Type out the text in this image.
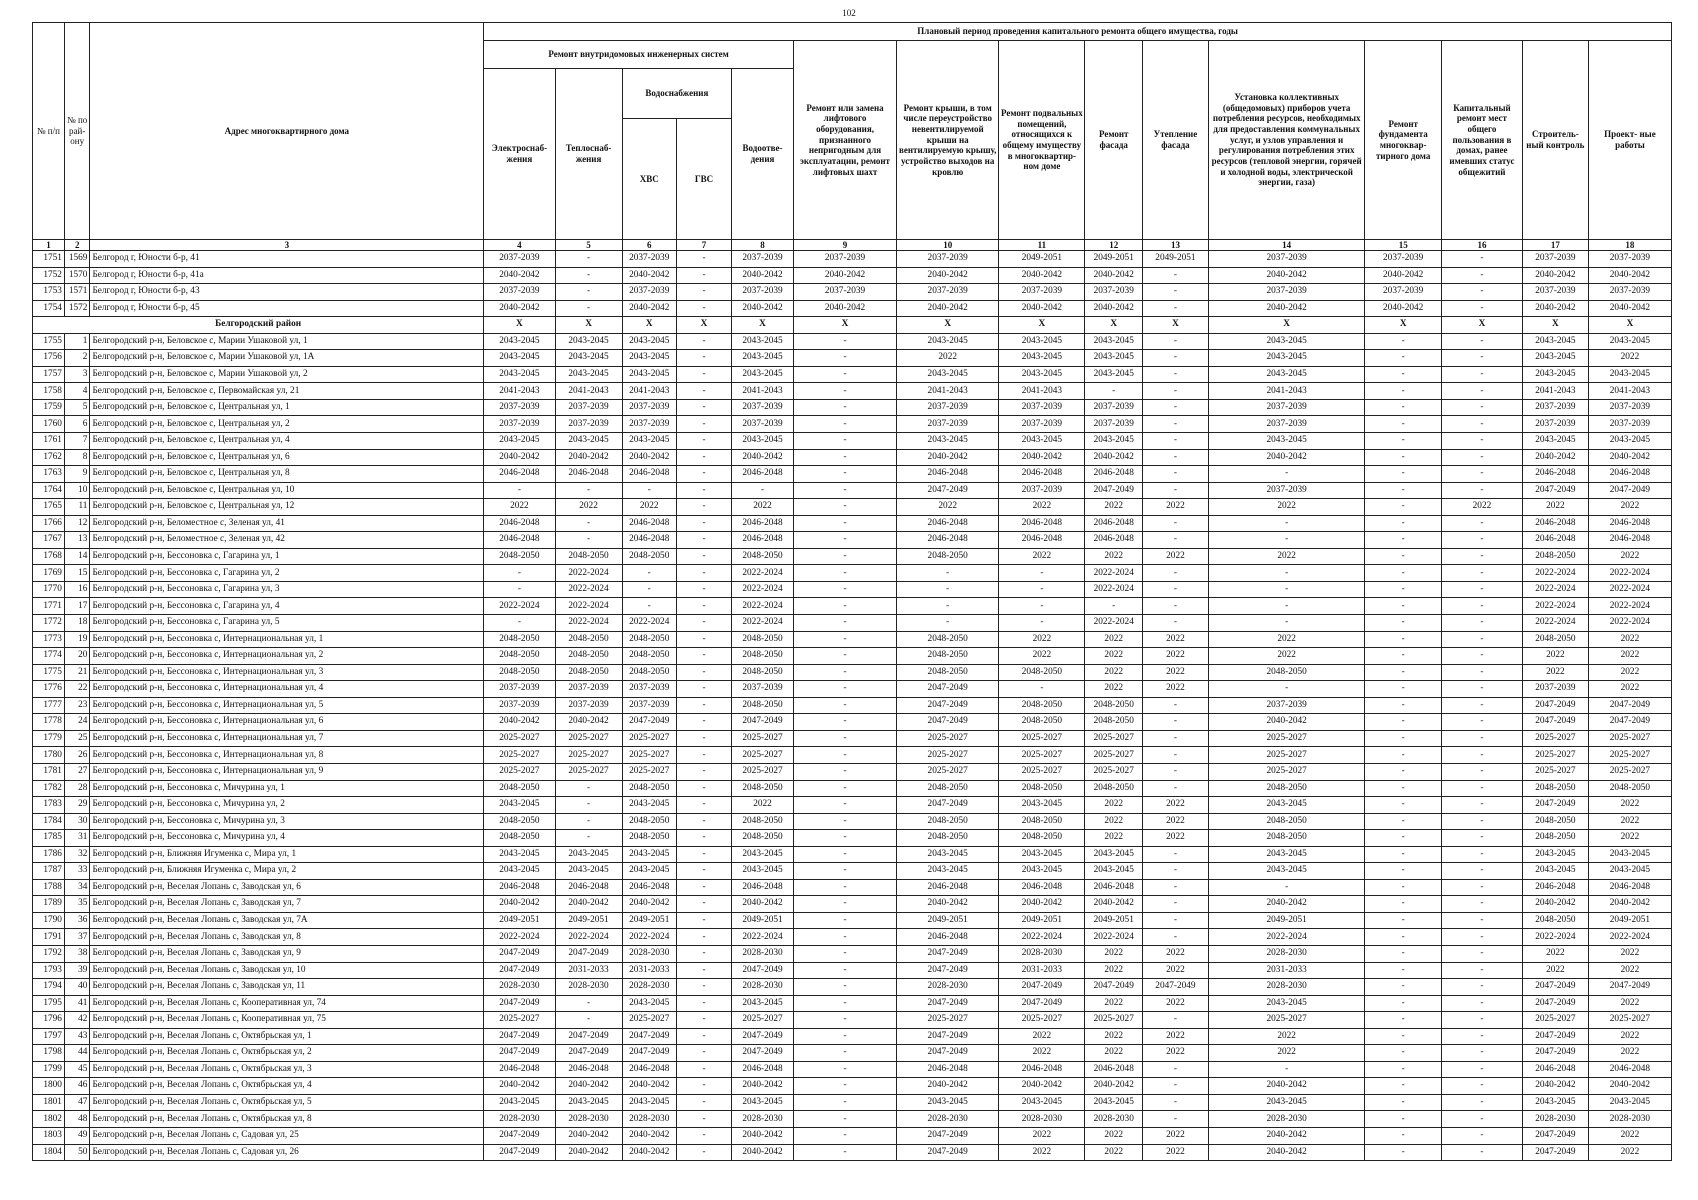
102
№ п/п	№ по рай- ону	Адрес многоквартирного дома	Плановый период проведения капитального ремонта общего имущества, годы														
			Ремонт внутридомовых инженерных систем					Ремонт или замена лифтового оборудования, признанного непригодным для эксплуатации, ремонт лифтовых шахт	Ремонт крыши, в том числе переустройство невентилируемой крыши на вентилируемую крышу, устройство выходов на кровлю	Ремонт подвальных помещений, относящихся к общему имуществу в многоквартир- ном доме	Ремонт фасада	Утепление фасада	Установка коллективных (общедомовых) приборов учета потребления ресурсов, необходимых для предоставления коммунальных услуг, и узлов управления и регулирования потребления этих ресурсов (тепловой энергии, горячей и холодной воды, электрической энергии, газа)	Ремонт фундамента многоквар- тирного дома	Капитальный ремонт мест общего пользования в домах, ранее имевших статус общежитий	Строитель- ный контроль	Проект- ные работы
			Электроснаб- жения	Теплоснаб- жения	Водоснабжения		Водоотве- дения										
					ХВС	ГВС											
1	2	3	4	5	6	7	8	9	10	11	12	13	14	15	16	17	18
1751	1569	Белгород г, Юности б-р, 41	2037-2039	-	2037-2039	-	2037-2039	2037-2039	2037-2039	2049-2051	2049-2051	2049-2051	2037-2039	2037-2039	-	2037-2039	2037-2039
1752	1570	Белгород г, Юности б-р, 41а	2040-2042	-	2040-2042	-	2040-2042	2040-2042	2040-2042	2040-2042	2040-2042	-	2040-2042	2040-2042	-	2040-2042	2040-2042
1753	1571	Белгород г, Юности б-р, 43	2037-2039	-	2037-2039	-	2037-2039	2037-2039	2037-2039	2037-2039	2037-2039	-	2037-2039	2037-2039	-	2037-2039	2037-2039
1754	1572	Белгород г, Юности б-р, 45	2040-2042	-	2040-2042	-	2040-2042	2040-2042	2040-2042	2040-2042	2040-2042	-	2040-2042	2040-2042	-	2040-2042	2040-2042
Белгородский район			Х	Х	Х	Х	Х	Х	Х	Х	Х	Х	Х	Х	Х	Х	Х
1755	1	Белгородский р-н, Беловское с, Марии Ушаковой ул, 1	2043-2045	2043-2045	2043-2045	-	2043-2045	-	2043-2045	2043-2045	2043-2045	-	2043-2045	-	-	2043-2045	2043-2045
1756	2	Белгородский р-н, Беловское с, Марии Ушаковой ул, 1А	2043-2045	2043-2045	2043-2045	-	2043-2045	-	2022	2043-2045	2043-2045	-	2043-2045	-	-	2043-2045	2022
1757	3	Белгородский р-н, Беловское с, Марии Ушаковой ул, 2	2043-2045	2043-2045	2043-2045	-	2043-2045	-	2043-2045	2043-2045	2043-2045	-	2043-2045	-	-	2043-2045	2043-2045
1758	4	Белгородский р-н, Беловское с, Первомайская ул, 21	2041-2043	2041-2043	2041-2043	-	2041-2043	-	2041-2043	2041-2043	-	-	2041-2043	-	-	2041-2043	2041-2043
1759	5	Белгородский р-н, Беловское с, Центральная ул, 1	2037-2039	2037-2039	2037-2039	-	2037-2039	-	2037-2039	2037-2039	2037-2039	-	2037-2039	-	-	2037-2039	2037-2039
1760	6	Белгородский р-н, Беловское с, Центральная ул, 2	2037-2039	2037-2039	2037-2039	-	2037-2039	-	2037-2039	2037-2039	2037-2039	-	2037-2039	-	-	2037-2039	2037-2039
1761	7	Белгородский р-н, Беловское с, Центральная ул, 4	2043-2045	2043-2045	2043-2045	-	2043-2045	-	2043-2045	2043-2045	2043-2045	-	2043-2045	-	-	2043-2045	2043-2045
1762	8	Белгородский р-н, Беловское с, Центральная ул, 6	2040-2042	2040-2042	2040-2042	-	2040-2042	-	2040-2042	2040-2042	2040-2042	-	2040-2042	-	-	2040-2042	2040-2042
1763	9	Белгородский р-н, Беловское с, Центральная ул, 8	2046-2048	2046-2048	2046-2048	-	2046-2048	-	2046-2048	2046-2048	2046-2048	-	-	-	-	2046-2048	2046-2048
1764	10	Белгородский р-н, Беловское с, Центральная ул, 10	-	-	-	-	-	-	2047-2049	2037-2039	2047-2049	-	2037-2039	-	-	2047-2049	2047-2049
1765	11	Белгородский р-н, Беловское с, Центральная ул, 12	2022	2022	2022	-	2022	-	2022	2022	2022	2022	2022	-	2022	2022	2022
1766	12	Белгородский р-н, Беломестное с, Зеленая ул, 41	2046-2048	-	2046-2048	-	2046-2048	-	2046-2048	2046-2048	2046-2048	-	-	-	-	2046-2048	2046-2048
1767	13	Белгородский р-н, Беломестное с, Зеленая ул, 42	2046-2048	-	2046-2048	-	2046-2048	-	2046-2048	2046-2048	2046-2048	-	-	-	-	2046-2048	2046-2048
1768	14	Белгородский р-н, Бессоновка с, Гагарина ул, 1	2048-2050	2048-2050	2048-2050	-	2048-2050	-	2048-2050	2022	2022	2022	2022	-	-	2048-2050	2022
1769	15	Белгородский р-н, Бессоновка с, Гагарина ул, 2	-	2022-2024	-	-	2022-2024	-	-	-	2022-2024	-	-	-	-	2022-2024	2022-2024
1770	16	Белгородский р-н, Бессоновка с, Гагарина ул, 3	-	2022-2024	-	-	2022-2024	-	-	-	2022-2024	-	-	-	-	2022-2024	2022-2024
1771	17	Белгородский р-н, Бессоновка с, Гагарина ул, 4	2022-2024	2022-2024	-	-	2022-2024	-	-	-	-	-	-	-	-	2022-2024	2022-2024
1772	18	Белгородский р-н, Бессоновка с, Гагарина ул, 5	-	2022-2024	2022-2024	-	2022-2024	-	-	-	2022-2024	-	-	-	-	2022-2024	2022-2024
1773	19	Белгородский р-н, Бессоновка с, Интернациональная ул, 1	2048-2050	2048-2050	2048-2050	-	2048-2050	-	2048-2050	2022	2022	2022	2022	-	-	2048-2050	2022
1774	20	Белгородский р-н, Бессоновка с, Интернациональная ул, 2	2048-2050	2048-2050	2048-2050	-	2048-2050	-	2048-2050	2022	2022	2022	2022	-	-	2022	2022
1775	21	Белгородский р-н, Бессоновка с, Интернациональная ул, 3	2048-2050	2048-2050	2048-2050	-	2048-2050	-	2048-2050	2048-2050	2022	2022	2048-2050	-	-	2022	2022
1776	22	Белгородский р-н, Бессоновка с, Интернациональная ул, 4	2037-2039	2037-2039	2037-2039	-	2037-2039	-	2047-2049	-	2022	2022	-	-	-	2037-2039	2022
1777	23	Белгородский р-н, Бессоновка с, Интернациональная ул, 5	2037-2039	2037-2039	2037-2039	-	2048-2050	-	2047-2049	2048-2050	2048-2050	-	2037-2039	-	-	2047-2049	2047-2049
1778	24	Белгородский р-н, Бессоновка с, Интернациональная ул, 6	2040-2042	2040-2042	2047-2049	-	2047-2049	-	2047-2049	2048-2050	2048-2050	-	2040-2042	-	-	2047-2049	2047-2049
1779	25	Белгородский р-н, Бессоновка с, Интернациональная ул, 7	2025-2027	2025-2027	2025-2027	-	2025-2027	-	2025-2027	2025-2027	2025-2027	-	2025-2027	-	-	2025-2027	2025-2027
1780	26	Белгородский р-н, Бессоновка с, Интернациональная ул, 8	2025-2027	2025-2027	2025-2027	-	2025-2027	-	2025-2027	2025-2027	2025-2027	-	2025-2027	-	-	2025-2027	2025-2027
1781	27	Белгородский р-н, Бессоновка с, Интернациональная ул, 9	2025-2027	2025-2027	2025-2027	-	2025-2027	-	2025-2027	2025-2027	2025-2027	-	2025-2027	-	-	2025-2027	2025-2027
1782	28	Белгородский р-н, Бессоновка с, Мичурина ул, 1	2048-2050	-	2048-2050	-	2048-2050	-	2048-2050	2048-2050	2048-2050	-	2048-2050	-	-	2048-2050	2048-2050
1783	29	Белгородский р-н, Бессоновка с, Мичурина ул, 2	2043-2045	-	2043-2045	-	2022	-	2047-2049	2043-2045	2022	2022	2043-2045	-	-	2047-2049	2022
1784	30	Белгородский р-н, Бессоновка с, Мичурина ул, 3	2048-2050	-	2048-2050	-	2048-2050	-	2048-2050	2048-2050	2022	2022	2048-2050	-	-	2048-2050	2022
1785	31	Белгородский р-н, Бессоновка с, Мичурина ул, 4	2048-2050	-	2048-2050	-	2048-2050	-	2048-2050	2048-2050	2022	2022	2048-2050	-	-	2048-2050	2022
1786	32	Белгородский р-н, Ближняя Игуменка с, Мира ул, 1	2043-2045	2043-2045	2043-2045	-	2043-2045	-	2043-2045	2043-2045	2043-2045	-	2043-2045	-	-	2043-2045	2043-2045
1787	33	Белгородский р-н, Ближняя Игуменка с, Мира ул, 2	2043-2045	2043-2045	2043-2045	-	2043-2045	-	2043-2045	2043-2045	2043-2045	-	2043-2045	-	-	2043-2045	2043-2045
1788	34	Белгородский р-н, Веселая Лопань с, Заводская ул, 6	2046-2048	2046-2048	2046-2048	-	2046-2048	-	2046-2048	2046-2048	2046-2048	-	-	-	-	2046-2048	2046-2048
1789	35	Белгородский р-н, Веселая Лопань с, Заводская ул, 7	2040-2042	2040-2042	2040-2042	-	2040-2042	-	2040-2042	2040-2042	2040-2042	-	2040-2042	-	-	2040-2042	2040-2042
1790	36	Белгородский р-н, Веселая Лопань с, Заводская ул, 7А	2049-2051	2049-2051	2049-2051	-	2049-2051	-	2049-2051	2049-2051	2049-2051	-	2049-2051	-	-	2048-2050	2049-2051
1791	37	Белгородский р-н, Веселая Лопань с, Заводская ул, 8	2022-2024	2022-2024	2022-2024	-	2022-2024	-	2046-2048	2022-2024	2022-2024	-	2022-2024	-	-	2022-2024	2022-2024
1792	38	Белгородский р-н, Веселая Лопань с, Заводская ул, 9	2047-2049	2047-2049	2028-2030	-	2028-2030	-	2047-2049	2028-2030	2022	2022	2028-2030	-	-	2022	2022
1793	39	Белгородский р-н, Веселая Лопань с, Заводская ул, 10	2047-2049	2031-2033	2031-2033	-	2047-2049	-	2047-2049	2031-2033	2022	2022	2031-2033	-	-	2022	2022
1794	40	Белгородский р-н, Веселая Лопань с, Заводская ул, 11	2028-2030	2028-2030	2028-2030	-	2028-2030	-	2028-2030	2047-2049	2047-2049	2047-2049	2028-2030	-	-	2047-2049	2047-2049
1795	41	Белгородский р-н, Веселая Лопань с, Кооперативная ул, 74	2047-2049	-	2043-2045	-	2043-2045	-	2047-2049	2047-2049	2022	2022	2043-2045	-	-	2047-2049	2022
1796	42	Белгородский р-н, Веселая Лопань с, Кооперативная ул, 75	2025-2027	-	2025-2027	-	2025-2027	-	2025-2027	2025-2027	2025-2027	-	2025-2027	-	-	2025-2027	2025-2027
1797	43	Белгородский р-н, Веселая Лопань с, Октябрьская ул, 1	2047-2049	2047-2049	2047-2049	-	2047-2049	-	2047-2049	2022	2022	2022	2022	-	-	2047-2049	2022
1798	44	Белгородский р-н, Веселая Лопань с, Октябрьская ул, 2	2047-2049	2047-2049	2047-2049	-	2047-2049	-	2047-2049	2022	2022	2022	2022	-	-	2047-2049	2022
1799	45	Белгородский р-н, Веселая Лопань с, Октябрьская ул, 3	2046-2048	2046-2048	2046-2048	-	2046-2048	-	2046-2048	2046-2048	2046-2048	-	-	-	-	2046-2048	2046-2048
1800	46	Белгородский р-н, Веселая Лопань с, Октябрьская ул, 4	2040-2042	2040-2042	2040-2042	-	2040-2042	-	2040-2042	2040-2042	2040-2042	-	2040-2042	-	-	2040-2042	2040-2042
1801	47	Белгородский р-н, Веселая Лопань с, Октябрьская ул, 5	2043-2045	2043-2045	2043-2045	-	2043-2045	-	2043-2045	2043-2045	2043-2045	-	2043-2045	-	-	2043-2045	2043-2045
1802	48	Белгородский р-н, Веселая Лопань с, Октябрьская ул, 8	2028-2030	2028-2030	2028-2030	-	2028-2030	-	2028-2030	2028-2030	2028-2030	-	2028-2030	-	-	2028-2030	2028-2030
1803	49	Белгородский р-н, Веселая Лопань с, Садовая ул, 25	2047-2049	2040-2042	2040-2042	-	2040-2042	-	2047-2049	2022	2022	2022	2040-2042	-	-	2047-2049	2022
1804	50	Белгородский р-н, Веселая Лопань с, Садовая ул, 26	2047-2049	2040-2042	2040-2042	-	2040-2042	-	2047-2049	2022	2022	2022	2040-2042	-	-	2047-2049	2022
